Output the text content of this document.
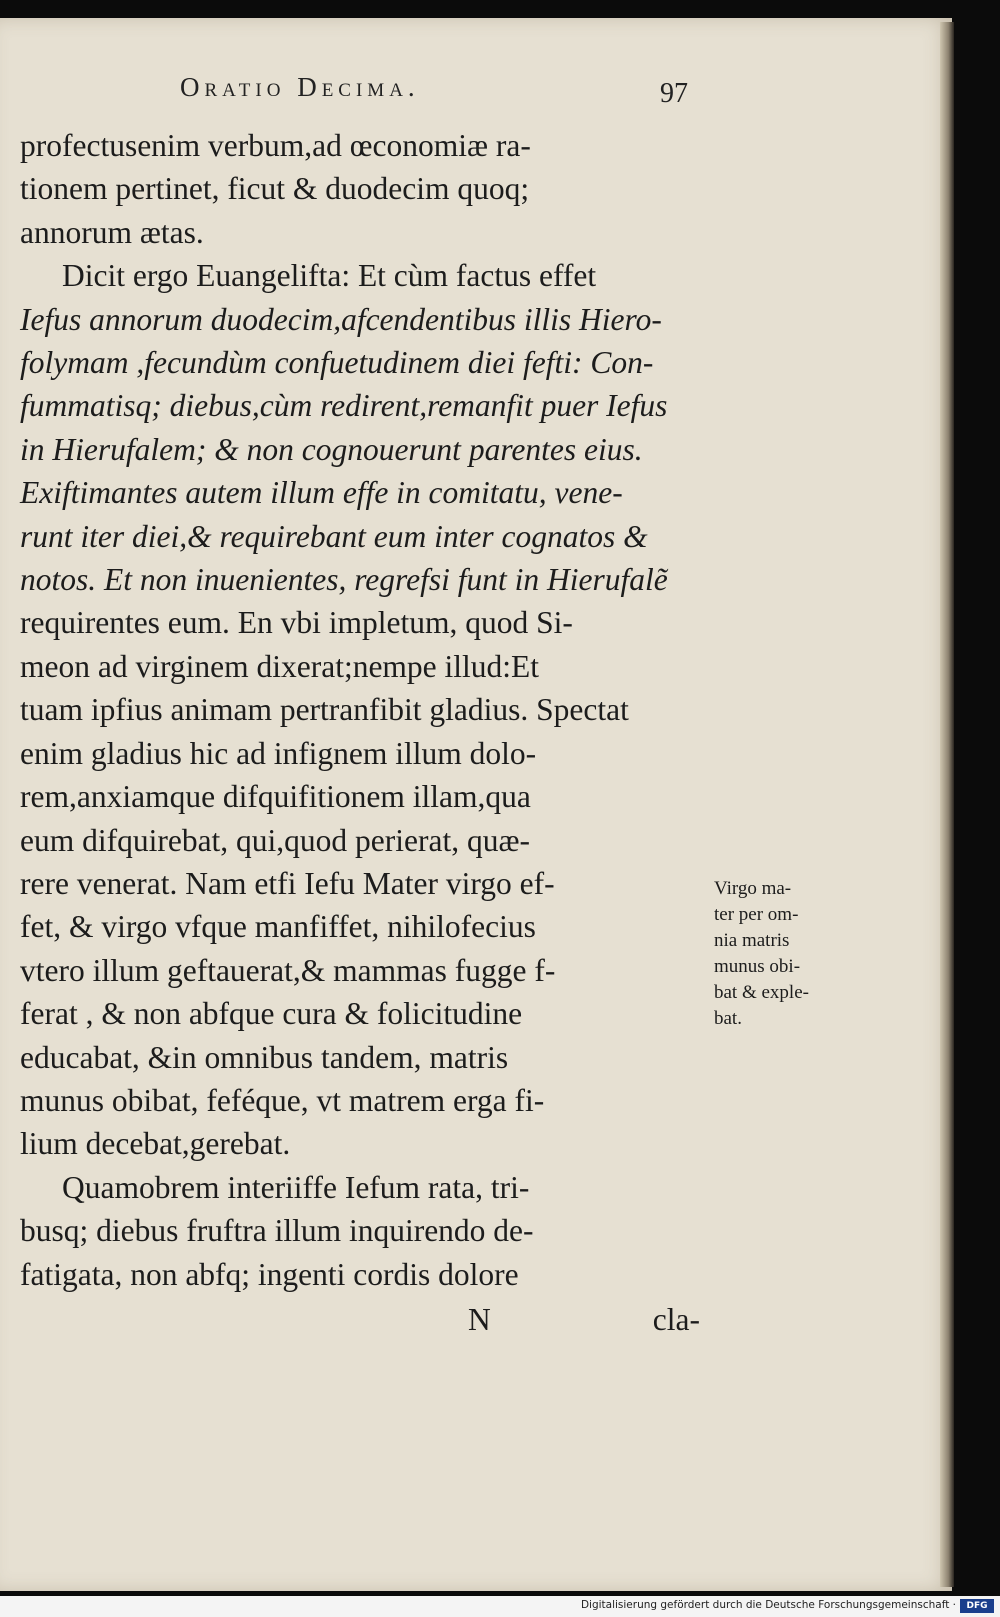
Oratio Decima.	97

profectusenim verbum,ad œconomiæ ra-
tionem pertinet, ficut & duodecim quoq;
annorum ætas.

Dicit ergo Euangelifta: Et cùm factus effet
Iefus annorum duodecim,afcendentibus illis Hiero-
folymam ,fecundùm confuetudinem diei fefti: Con-
fummatisq; diebus,cùm redirent,remanfit puer Iefus
in Hierufalem; & non cognouerunt parentes eius.
Exiftimantes autem illum effe in comitatu, vene-
runt iter diei,& requirebant eum inter cognatos &
notos. Et non inuenientes, regrefsi funt in Hierufalẽ
requirentes eum. En vbi impletum, quod Si-
meon ad virginem dixerat;nempe illud:Et
tuam ipfius animam pertranfibit gladius. Spectat
enim gladius hic ad infignem illum dolo-
rem,anxiamque difquifitionem illam,qua
eum difquirebat, qui,quod perierat, quæ-
rere venerat. Nam etfi Iefu Mater virgo ef-
fet, & virgo vfque manfiffet, nihilofecius
vtero illum geftauerat,& mammas fugge f-
ferat , & non abfque cura & folicitudine
educabat, &in omnibus tandem, matris
munus obibat, feféque, vt matrem erga fi-
lium decebat,gerebat.

Quamobrem interiiffe Iefum rata, tri-
busq; diebus fruftra illum inquirendo de-
fatigata, non abfq; ingenti cordis dolore

Virgo ma-
ter per om-
nia matris
munus obi-
bat & exple-
bat.
N	cla-
Digitalisierung gefördert durch die Deutsche Forschungsgemeinschaft ·	DFG
